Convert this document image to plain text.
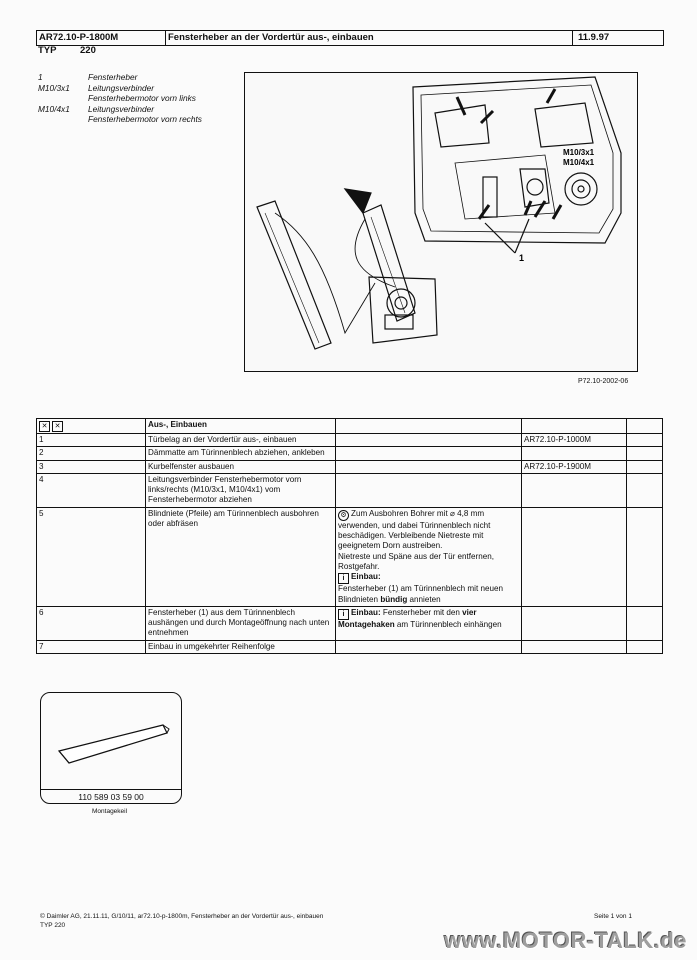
AR72.10-P-1800M	Fensterheber an der Vordertür aus-, einbauen	11.9.97
TYP 220
1	Fensterheber
M10/3x1	Leitungsverbinder
Fensterhebermotor vorn links
M10/4x1	Leitungsverbinder
Fensterhebermotor vorn rechts
M10/3x1
M10/4x1
1
P72.10-2002-06
✕ ✕	Aus-, Einbauen			
1	Türbelag an der Vordertür aus-, einbauen		AR72.10-P-1000M	
2	Dämmatte am Türinnenblech abziehen, ankleben			
3	Kurbelfenster ausbauen		AR72.10-P-1900M	
4	Leitungsverbinder Fensterhebermotor vorn links/rechts (M10/3x1, M10/4x1) vom Fensterhebermotor abziehen			
5	Blindniete (Pfeile) am Türinnenblech ausbohren oder abfräsen	⚙ Zum Ausbohren Bohrer mit ⌀ 4,8 mm verwenden, und dabei Türinnenblech nicht beschädigen. Verbleibende Nietreste mit geeignetem Dorn austreiben.
Nietreste und Späne aus der Tür entfernen, Rostgefahr.
i Einbau:
Fensterheber (1) am Türinnenblech mit neuen Blindnieten bündig annieten		

6	Fensterheber (1) aus dem Türinnenblech aushängen und durch Montageöffnung nach unten entnehmen	i Einbau: Fensterheber mit den vier Montagehaken am Türinnenblech einhängen		
7	Einbau in umgekehrter Reihenfolge			
110 589 03 59 00
Montagekeil
© Daimler AG, 21.11.11, G/10/11, ar72.10-p-1800m, Fensterheber an der Vordertür aus-, einbauen
TYP 220
Seite 1 von 1
www.MOTOR-TALK.de
